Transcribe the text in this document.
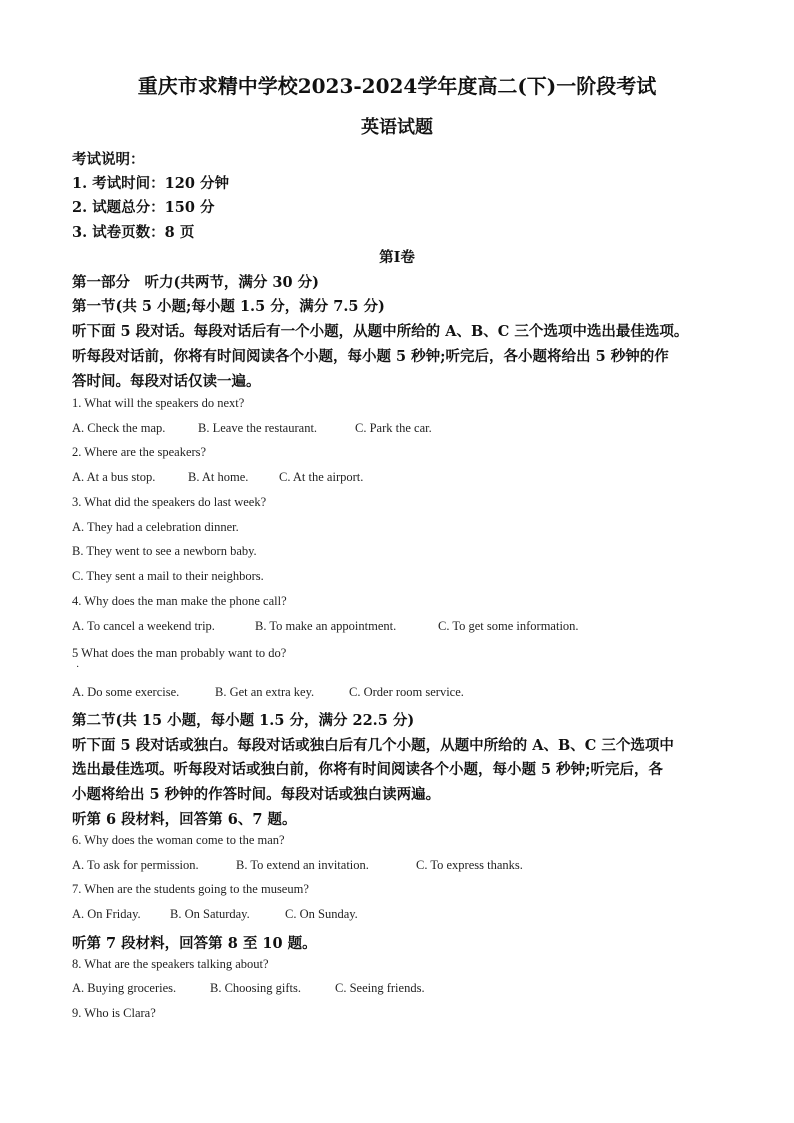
重庆市求精中学校2023-2024学年度高二(下)一阶段考试
英语试题
考试说明：
1. 考试时间：120 分钟
2. 试题总分：150 分
3. 试卷页数：8 页
第Ⅰ卷
第一部分　听力(共两节，满分 30 分)
第一节(共 5 小题;每小题 1.5 分，满分 7.5 分)
听下面 5 段对话。每段对话后有一个小题，从题中所给的 A、B、C 三个选项中选出最佳选项。
听每段对话前，你将有时间阅读各个小题，每小题 5 秒钟;听完后，各小题将给出 5 秒钟的作
答时间。每段对话仅读一遍。
1. What will the speakers do next?
A. Check the map.	B. Leave the restaurant.	C. Park the car.
2. Where are the speakers?
A. At a bus stop.	B. At home. C. At the airport.
3. What did the speakers do last week?
A. They had a celebration dinner.
B. They went to see a newborn baby.
C. They sent a mail to their neighbors.
4. Why does the man make the phone call?
A. To cancel a weekend trip.	B. To make an appointment.	C. To get some information.
5 What does the man probably want to do?
·
A. Do some exercise.	B. Get an extra key.	C. Order room service.
第二节(共 15 小题，每小题 1.5 分，满分 22.5 分)
听下面 5 段对话或独白。每段对话或独白后有几个小题，从题中所给的 A、B、C 三个选项中
选出最佳选项。听每段对话或独白前，你将有时间阅读各个小题，每小题 5 秒钟;听完后，各
小题将给出 5 秒钟的作答时间。每段对话或独白读两遍。
听第 6 段材料，回答第 6、7 题。
6. Why does the woman come to the man?
A. To ask for permission.	B. To extend an invitation.	C. To express thanks.
7. When are the students going to the museum?
A. On Friday. B. On Saturday.	C. On Sunday.
听第 7 段材料，回答第 8 至 10 题。
8. What are the speakers talking about?
A. Buying groceries.	B. Choosing gifts.	C. Seeing friends.
9. Who is Clara?
